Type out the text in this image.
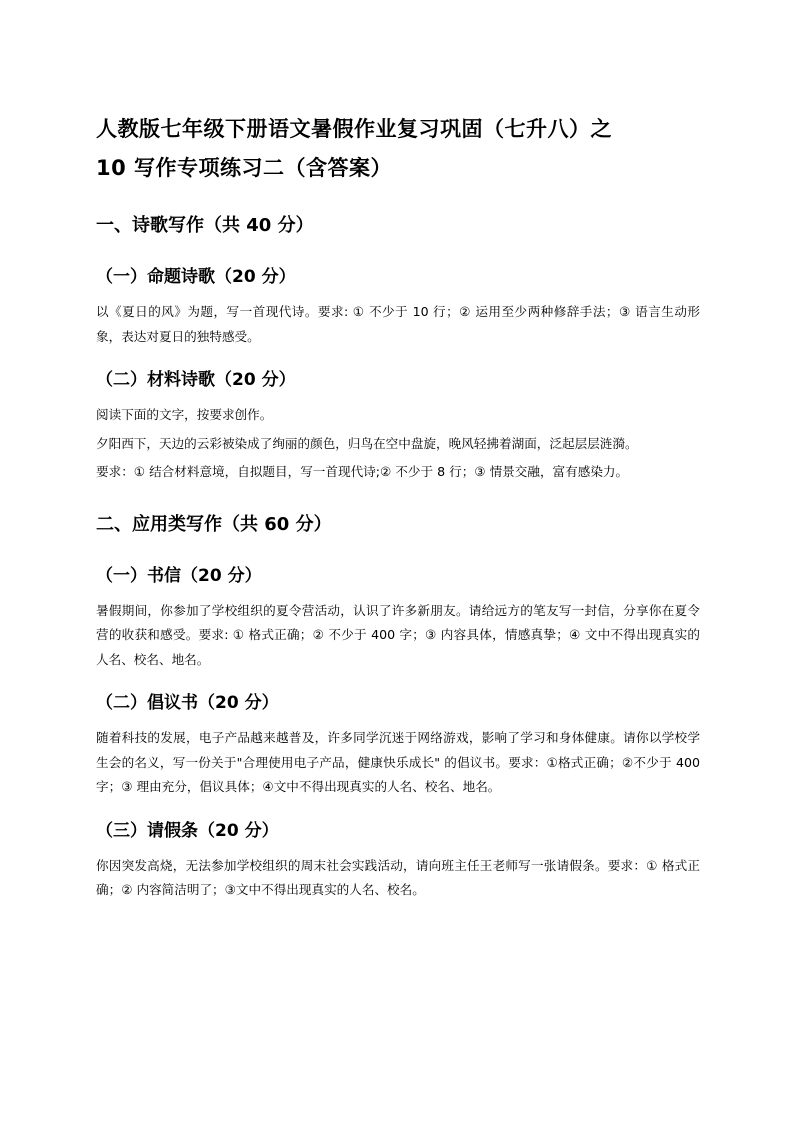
人教版七年级下册语文暑假作业复习巩固（七升八）之
10 写作专项练习二（含答案）
一、诗歌写作（共 40 分）
（一）命题诗歌（20 分）

以《夏日的风》为题，写一首现代诗。要求: ① 不少于 10 行；② 运用至少两种修辞手法；③ 语言生动形象，表达对夏日的独特感受。

（二）材料诗歌（20 分）

阅读下面的文字，按要求创作。

夕阳西下，天边的云彩被染成了绚丽的颜色，归鸟在空中盘旋，晚风轻拂着湖面，泛起层层涟漪。

要求：① 结合材料意境，自拟题目，写一首现代诗;② 不少于 8 行；③ 情景交融，富有感染力。

二、应用类写作（共 60 分）
（一）书信（20 分）

暑假期间，你参加了学校组织的夏令营活动，认识了许多新朋友。请给远方的笔友写一封信，分享你在夏令营的收获和感受。要求: ① 格式正确；② 不少于 400 字；③ 内容具体，情感真挚；④ 文中不得出现真实的人名、校名、地名。

（二）倡议书（20 分）

随着科技的发展，电子产品越来越普及，许多同学沉迷于网络游戏，影响了学习和身体健康。请你以学校学生会的名义，写一份关于"合理使用电子产品，健康快乐成长" 的倡议书。要求：①格式正确；②不少于 400 字；③ 理由充分，倡议具体；④文中不得出现真实的人名、校名、地名。

（三）请假条（20 分）

你因突发高烧，无法参加学校组织的周末社会实践活动，请向班主任王老师写一张请假条。要求：① 格式正确；② 内容简洁明了；③文中不得出现真实的人名、校名。
